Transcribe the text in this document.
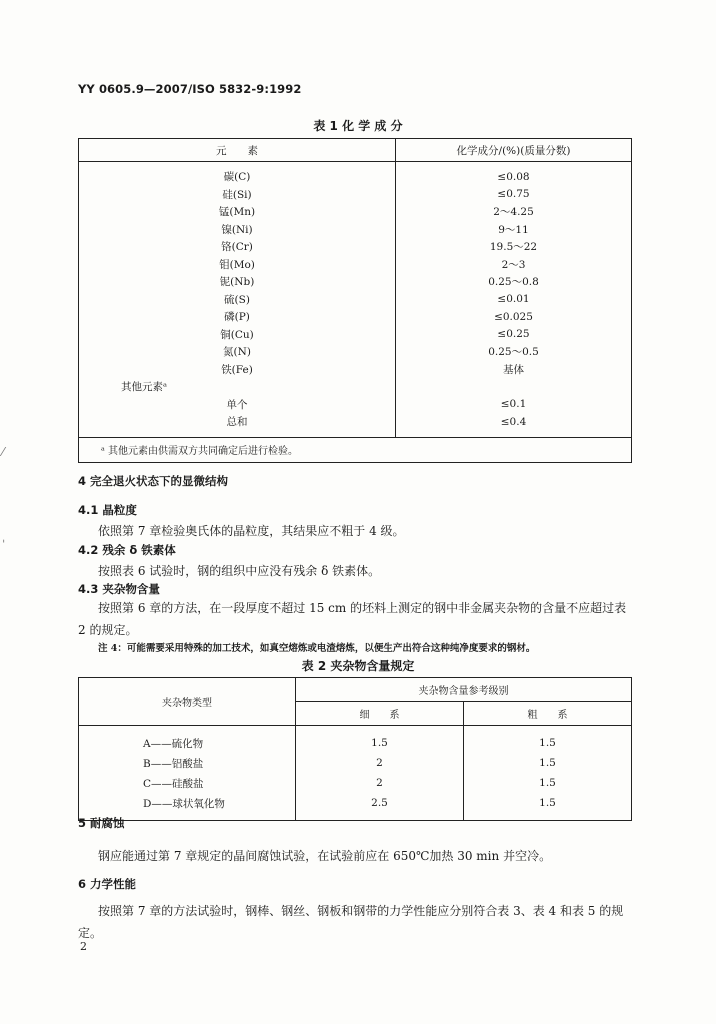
YY 0605.9—2007/ISO 5832-9:1992
表 1 化 学 成 分
元　　素	化学成分/(%)(质量分数)

碳(C)	≤0.08
硅(Si)	≤0.75
锰(Mn)	2～4.25
镍(Ni)	9～11
铬(Cr)	19.5～22
钼(Mo)	2～3
铌(Nb)	0.25～0.8
硫(S)	≤0.01
磷(P)	≤0.025
铜(Cu)	≤0.25
氮(N)	0.25～0.5
铁(Fe)	基体
其他元素ᵃ	
单个	≤0.1
总和	≤0.4

ᵃ 其他元素由供需双方共同确定后进行检验。	
4 完全退火状态下的显微结构
4.1 晶粒度
依照第 7 章检验奥氏体的晶粒度，其结果应不粗于 4 级。
4.2 残余 δ 铁素体
按照表 6 试验时，钢的组织中应没有残余 δ 铁素体。
4.3 夹杂物含量
按照第 6 章的方法，在一段厚度不超过 15 cm 的坯料上测定的钢中非金属夹杂物的含量不应超过表 2 的规定。
注 4：可能需要采用特殊的加工技术，如真空熔炼或电渣熔炼，以便生产出符合这种纯净度要求的钢材。
表 2 夹杂物含量规定
夹杂物类型	夹杂物含量参考级别	
	细　　系	粗　　系

A——硫化物	1.5	1.5
B——铝酸盐	2	1.5
C——硅酸盐	2	1.5
D——球状氧化物	2.5	1.5

5 耐腐蚀
钢应能通过第 7 章规定的晶间腐蚀试验，在试验前应在 650℃加热 30 min 并空冷。
6 力学性能
按照第 7 章的方法试验时，钢棒、钢丝、钢板和钢带的力学性能应分别符合表 3、表 4 和表 5 的规定。
2
⁄
ˈ
